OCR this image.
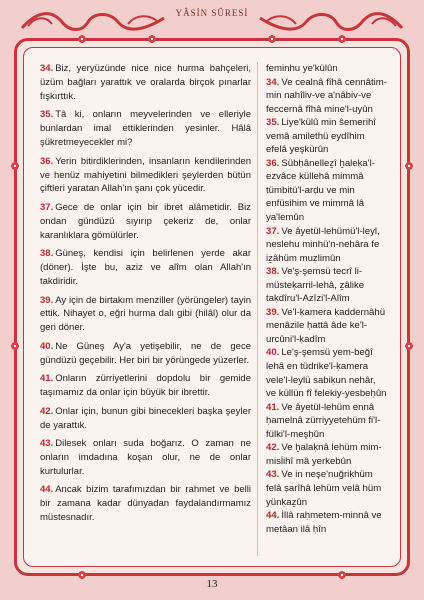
YÂSİN SÛRESİ

34. Biz, yeryüzünde nice nice hurma bahçeleri, üzüm bağları yarattık ve oralarda birçok pınarlar fışkırttık.

35. Tâ ki, onların meyvelerinden ve elleriyle bunlardan imal ettiklerinden yesinler. Hâlâ şükretmeyecekler mi?

36. Yerin bitirdiklerinden, insanların kendilerinden ve henüz mahiyetini bilmedikleri şeylerden bütün çiftleri yaratan Allah'ın şanı çok yücedir.

37. Gece de onlar için bir ibret alâmetidir. Biz ondan gündüzü sıyırıp çekeriz de, onlar karanlıklara gömülürler.

38. Güneş, kendisi için belirlenen yerde akar (döner). İşte bu, aziz ve alîm olan Allah'ın takdiridir.

39. Ay için de birtakım menziller (yörüngeler) tayin ettik. Nihayet o, eğri hurma dalı gibi (hilâl) olur da geri döner.

40. Ne Güneş Ay'a yetişebilir, ne de gece gündüzü geçebilir. Her biri bir yörüngede yüzerler.

41. Onların zürriyetlerini dopdolu bir gemide taşımamız da onlar için büyük bir ibrettir.

42. Onlar için, bunun gibi binecekleri başka şeyler de yarattık.

43. Dilesek onları suda boğarız. O zaman ne onların imdadına koşan olur, ne de onlar kurtulurlar.

44. Ancak bizim tarafımızdan bir rahmet ve belli bir zamana kadar dünyadan faydalandırmamız müstesnadır.

feminhu ye'külûn

34. Ve cealnâ fîhâ cennâtim-min nahîliv-ve a'nâbiv-ve feccernâ fîhâ mine'l-uyûn

35. Liye'külû min ŝemerihî vemâ amilethü eydîhim efelâ yeşkürûn

36. Sübḥânelleẕî ḫaleḳa'l-ezvâce küllehâ mimmâ tümbitü'l-arḍu ve min enfüsihim ve mimmâ lâ ya'lemûn

37. Ve âyetül-lehümü'l-leyl, neslehu minhü'n-nehâra fe iẕâhüm muẓlimûn

38. Ve'ş-şemsü tecrî li-müsteḳarril-lehâ, ẕâlike taḳdîru'l-Azîzi'l-Alîm

39. Ve'l-ḳamera ḳaddernâhü menâzile ḥattâ âde ke'l-urcûni'l-ḳadîm

40. Le'ş-şemsü yem-beğî lehâ en tüdrike'l-ḳamera vele'l-leylü sabiḳun nehâr, ve küllün fî felekiy-yesbeḥûn

41. Ve âyetül-lehüm ennâ ḥamelnâ zürriyyetehüm fi'l-fülki'l-meşḥûn

42. Ve ḫalaḳnâ lehüm mim-misl̇ihî mâ yerkebûn

43. Ve in neşe'nuğriḳhüm felâ ṣarîhâ lehüm velâ hüm yünḳaẕûn

44. İllâ raḥmetem-minnâ ve metâan ilâ ḥîn

13
